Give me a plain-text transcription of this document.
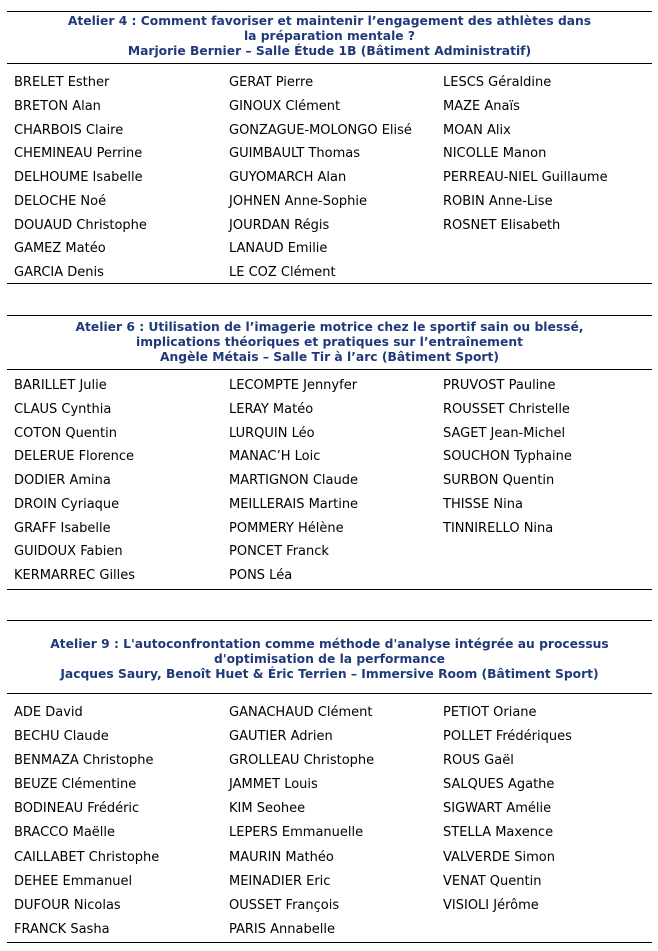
Atelier 4 : Comment favoriser et maintenir l’engagement des athlètes dans
la préparation mentale ?
Marjorie Bernier – Salle Étude 1B (Bâtiment Administratif)
BRELET Esther
BRETON Alan
CHARBOIS Claire
CHEMINEAU Perrine
DELHOUME Isabelle
DELOCHE Noé
DOUAUD Christophe
GAMEZ Matéo
GARCIA Denis
GERAT Pierre
GINOUX Clément
GONZAGUE-MOLONGO Elisé
GUIMBAULT Thomas
GUYOMARCH Alan
JOHNEN Anne-Sophie
JOURDAN Régis
LANAUD Emilie
LE COZ Clément
LESCS Géraldine
MAZE Anaïs
MOAN Alix
NICOLLE Manon
PERREAU-NIEL Guillaume
ROBIN Anne-Lise
ROSNET Elisabeth
Atelier 6 : Utilisation de l’imagerie motrice chez le sportif sain ou blessé,
implications théoriques et pratiques sur l’entraînement
Angèle Métais – Salle Tir à l’arc (Bâtiment Sport)
BARILLET Julie
CLAUS Cynthia
COTON Quentin
DELERUE Florence
DODIER Amina
DROIN Cyriaque
GRAFF Isabelle
GUIDOUX Fabien
KERMARREC Gilles
LECOMPTE Jennyfer
LERAY Matéo
LURQUIN Léo
MANAC’H Loic
MARTIGNON Claude
MEILLERAIS Martine
POMMERY Hélène
PONCET Franck
PONS Léa
PRUVOST Pauline
ROUSSET Christelle
SAGET Jean-Michel
SOUCHON Typhaine
SURBON Quentin
THISSE Nina
TINNIRELLO Nina
Atelier 9 : L'autoconfrontation comme méthode d'analyse intégrée au processus
d'optimisation de la performance
Jacques Saury, Benoît Huet & Éric Terrien – Immersive Room (Bâtiment Sport)
ADE David
BECHU Claude
BENMAZA Christophe
BEUZE Clémentine
BODINEAU Frédéric
BRACCO Maëlle
CAILLABET Christophe
DEHEE Emmanuel
DUFOUR Nicolas
FRANCK Sasha
GANACHAUD Clément
GAUTIER Adrien
GROLLEAU Christophe
JAMMET Louis
KIM Seohee
LEPERS Emmanuelle
MAURIN Mathéo
MEINADIER Eric
OUSSET François
PARIS Annabelle
PETIOT Oriane
POLLET Frédériques
ROUS Gaël
SALQUES Agathe
SIGWART Amélie
STELLA Maxence
VALVERDE Simon
VENAT Quentin
VISIOLI Jérôme
